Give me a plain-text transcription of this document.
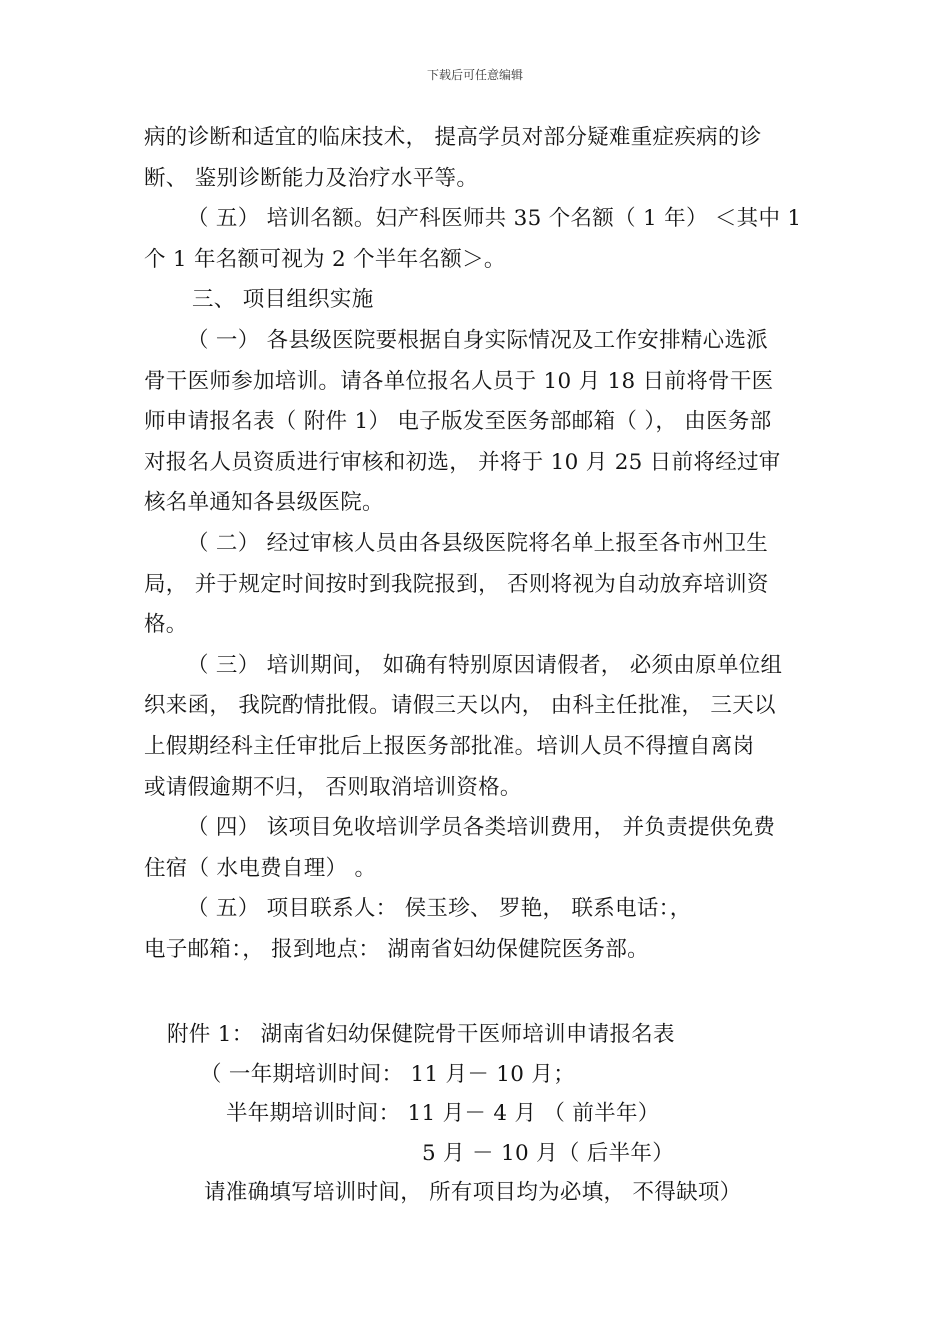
下载后可任意编辑
病的诊断和适宜的临床技术， 提高学员对部分疑难重症疾病的诊
断、 鉴别诊断能力及治疗水平等。
（ 五） 培训名额。妇产科医师共 35 个名额（ 1 年） ＜其中 1
个 1 年名额可视为 2 个半年名额＞。
三、 项目组织实施
（ 一） 各县级医院要根据自身实际情况及工作安排精心选派
骨干医师参加培训。请各单位报名人员于 10 月 18 日前将骨干医
师申请报名表（ 附件 1） 电子版发至医务部邮箱（ ）， 由医务部
对报名人员资质进行审核和初选， 并将于 10 月 25 日前将经过审
核名单通知各县级医院。
（ 二） 经过审核人员由各县级医院将名单上报至各市州卫生
局， 并于规定时间按时到我院报到， 否则将视为自动放弃培训资
格。
（ 三） 培训期间， 如确有特别原因请假者， 必须由原单位组
织来函， 我院酌情批假。请假三天以内， 由科主任批准， 三天以
上假期经科主任审批后上报医务部批准。培训人员不得擅自离岗
或请假逾期不归， 否则取消培训资格。
（ 四） 该项目免收培训学员各类培训费用， 并负责提供免费
住宿（ 水电费自理） 。
（ 五） 项目联系人： 侯玉珍、 罗艳， 联系电话：，
电子邮箱：， 报到地点： 湖南省妇幼保健院医务部。
附件 1： 湖南省妇幼保健院骨干医师培训申请报名表
（ 一年期培训时间： 11 月－ 10 月；
半年期培训时间： 11 月－ 4 月 （ 前半年）
5 月 － 10 月（ 后半年）
请准确填写培训时间， 所有项目均为必填， 不得缺项）
